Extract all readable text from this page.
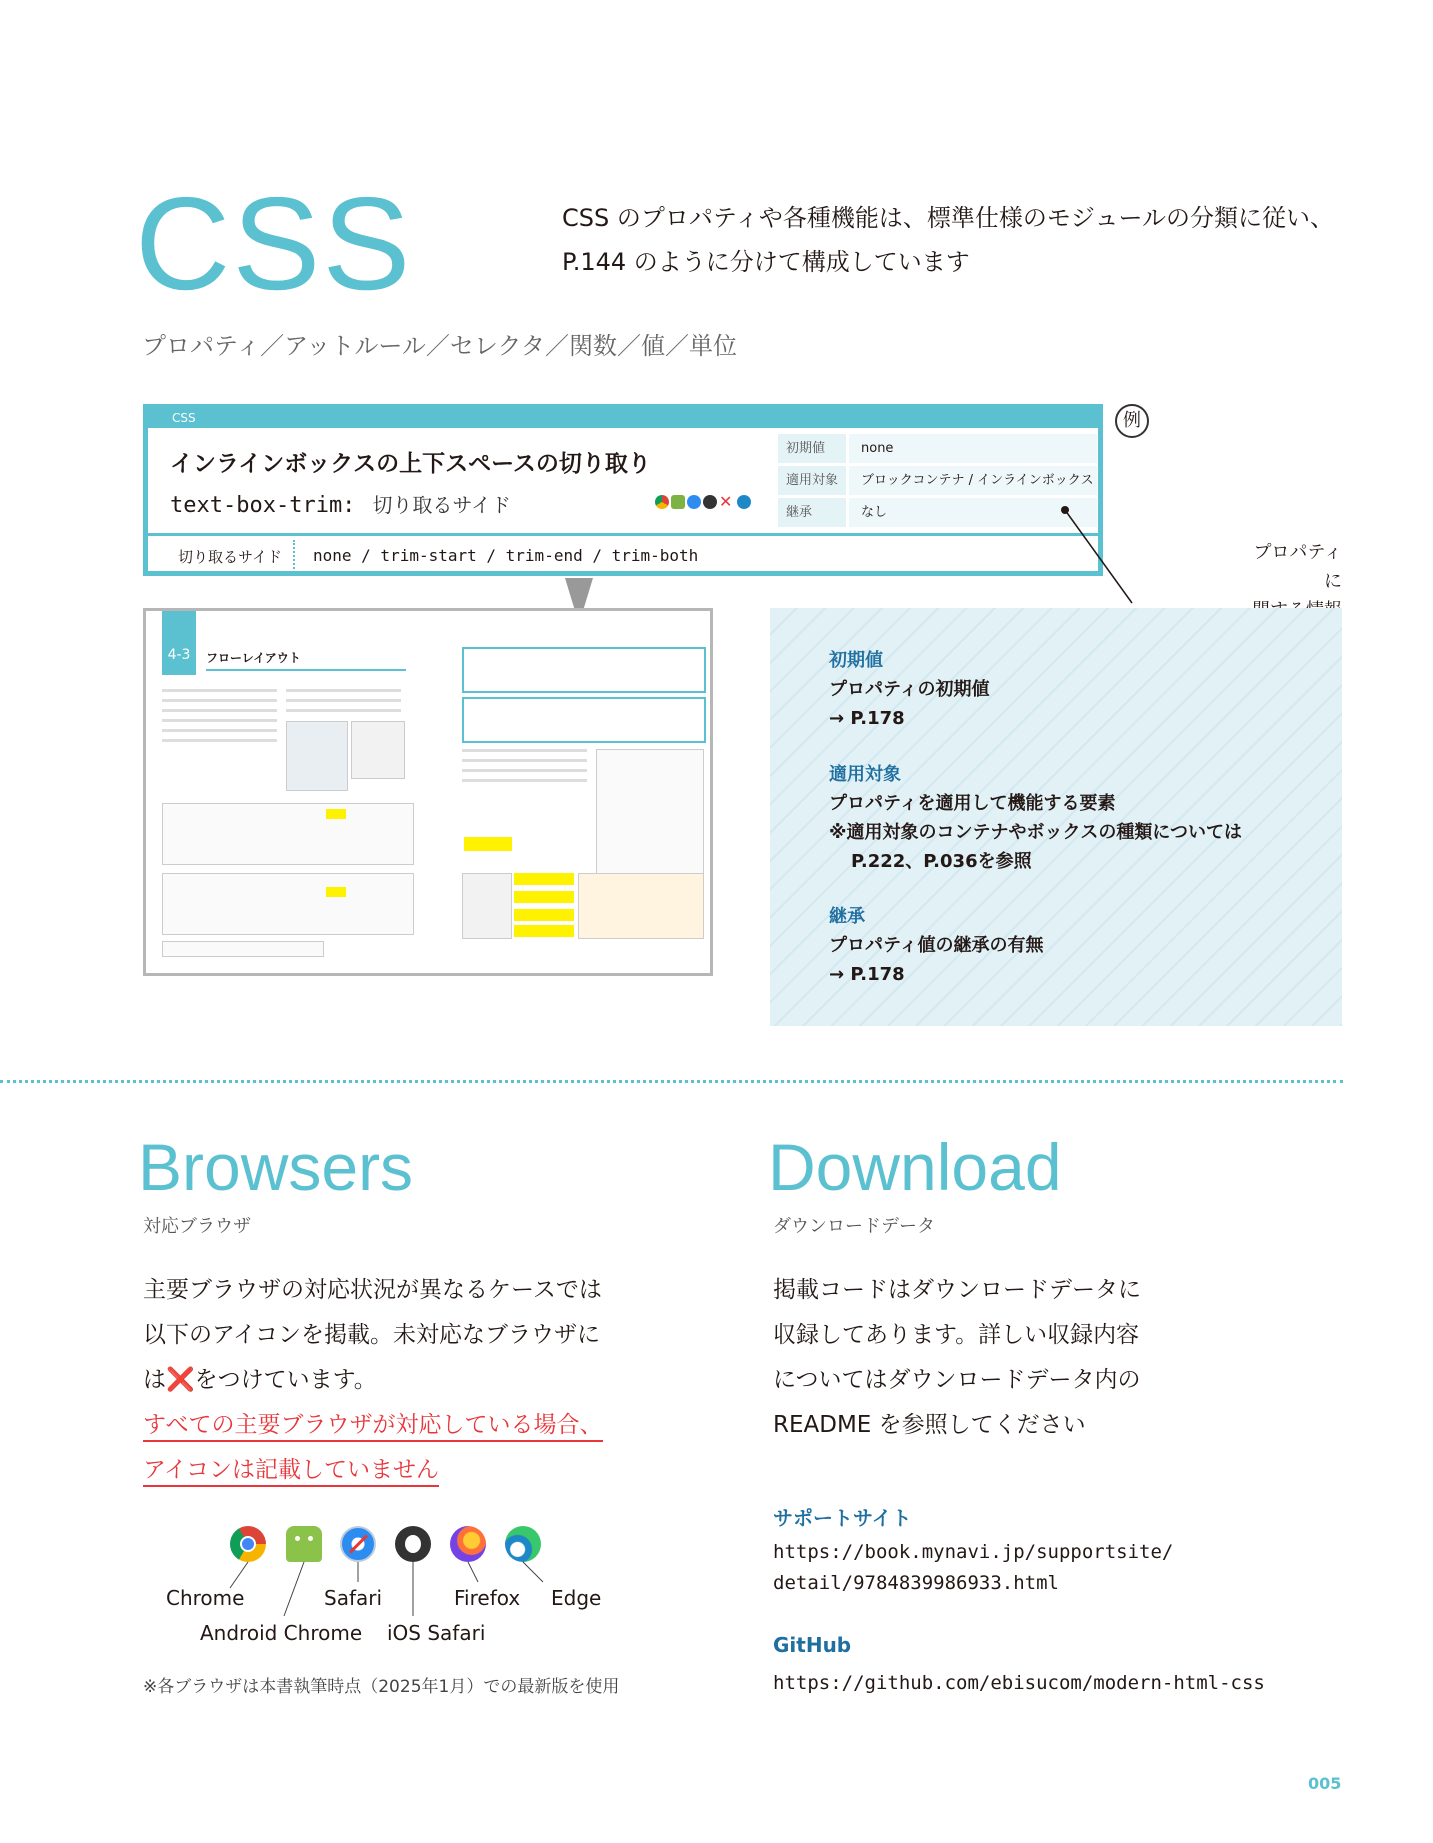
CSS	CSS のプロパティや各種機能は、標準仕様のモジュールの分類に従い、
P.144 のように分けて構成しています
プロパティ／アットルール／セレクタ／関数／値／単位
CSS
インラインボックスの上下スペースの切り取り
text-box-trim: 切り取るサイド	✕
初期値	none
適用対象	ブロックコンテナ / インラインボックス
継承	なし
切り取るサイド none / trim-start / trim-end / trim-both
例
プロパティに
4-3	フローレイアウト	初期値
プロパティの初期値
→ P.178
適用対象
プロパティを適用して機能する要素
※適用対象のコンテナやボックスの種類については
P.222、P.036を参照
継承
プロパティ値の継承の有無
→ P.178
Browsers
対応ブラウザ
主要ブラウザの対応状況が異なるケースでは
以下のアイコンを掲載。未対応なブラウザに
は❌をつけています。
すべての主要ブラウザが対応している場合、
アイコンは記載していません
Chrome
Android Chrome
Safari
iOS Safari
Firefox Edge
※各ブラウザは本書執筆時点（2025年1月）での最新版を使用
Download
ダウンロードデータ
掲載コードはダウンロードデータに
収録してあります。詳しい収録内容
についてはダウンロードデータ内の
README を参照してください
サポートサイト
https://book.mynavi.jp/supportsite/
detail/9784839986933.html
GitHub
https://github.com/ebisucom/modern-html-css
005
